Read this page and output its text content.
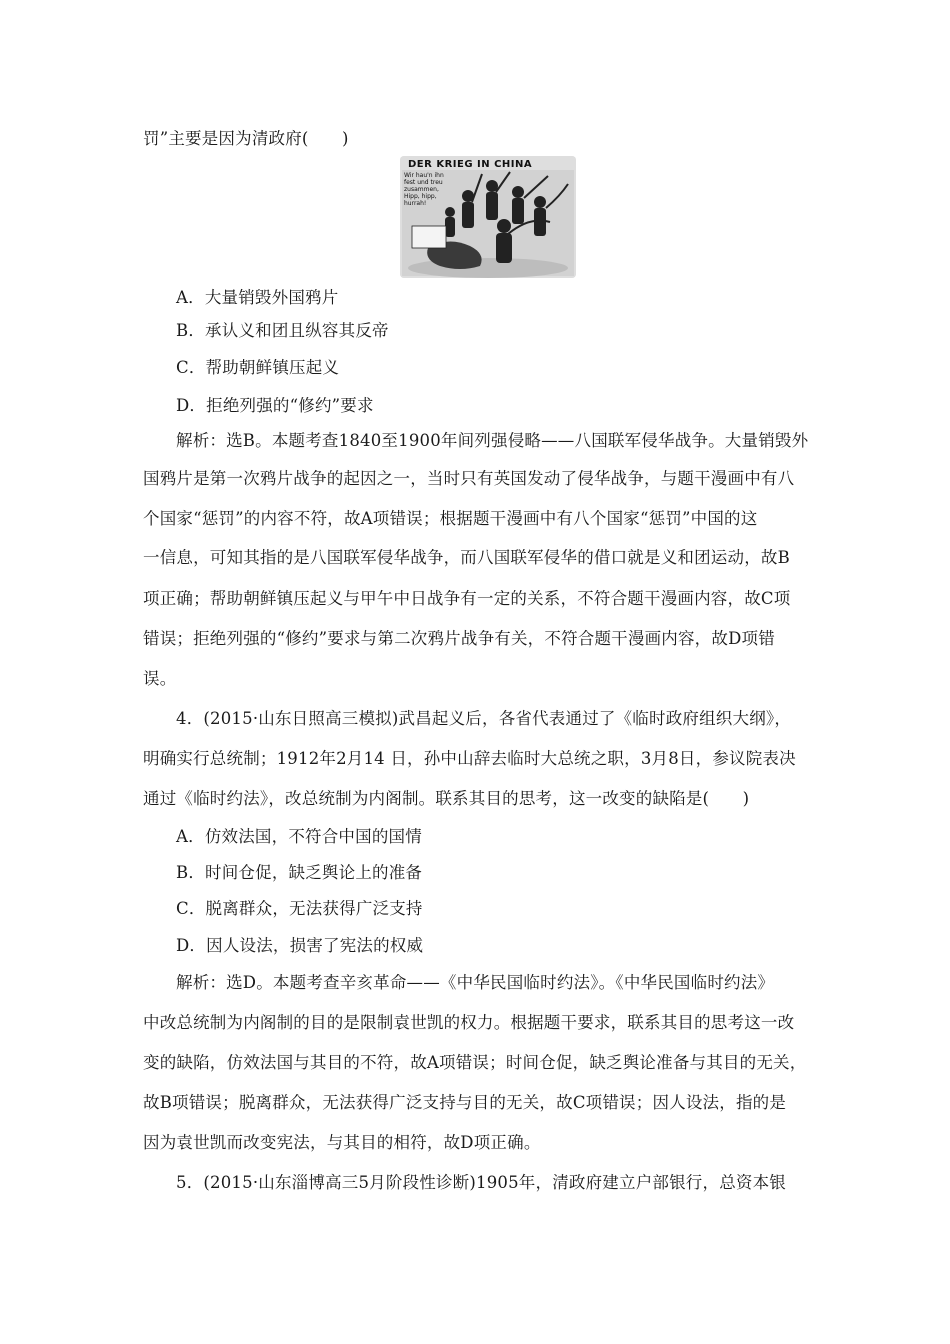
罚”主要是因为清政府(　　)
DER KRIEG IN CHINA
Wir hau'n ihn
fest und treu
zusammen,
Hipp, hipp,
hurrah!
A．大量销毁外国鸦片
B．承认义和团且纵容其反帝
C．帮助朝鲜镇压起义
D．拒绝列强的“修约”要求
解析：选B。本题考查1840至1900年间列强侵略——八国联军侵华战争。大量销毁外
国鸦片是第一次鸦片战争的起因之一，当时只有英国发动了侵华战争，与题干漫画中有八
个国家“惩罚”的内容不符，故A项错误；根据题干漫画中有八个国家“惩罚”中国的这
一信息，可知其指的是八国联军侵华战争，而八国联军侵华的借口就是义和团运动，故B
项正确；帮助朝鲜镇压起义与甲午中日战争有一定的关系，不符合题干漫画内容，故C项
错误；拒绝列强的“修约”要求与第二次鸦片战争有关，不符合题干漫画内容，故D项错
误。
4．(2015·山东日照高三模拟)武昌起义后，各省代表通过了《临时政府组织大纲》，
明确实行总统制；1912年2月14 日，孙中山辞去临时大总统之职，3月8日，参议院表决
通过《临时约法》，改总统制为内阁制。联系其目的思考，这一改变的缺陷是(　　)
A．仿效法国，不符合中国的国情
B．时间仓促，缺乏舆论上的准备
C．脱离群众，无法获得广泛支持
D．因人设法，损害了宪法的权威
解析：选D。本题考查辛亥革命——《中华民国临时约法》。《中华民国临时约法》
中改总统制为内阁制的目的是限制袁世凯的权力。根据题干要求，联系其目的思考这一改
变的缺陷，仿效法国与其目的不符，故A项错误；时间仓促，缺乏舆论准备与其目的无关，
故B项错误；脱离群众，无法获得广泛支持与目的无关，故C项错误；因人设法，指的是
因为袁世凯而改变宪法，与其目的相符，故D项正确。
5．(2015·山东淄博高三5月阶段性诊断)1905年，清政府建立户部银行，总资本银
